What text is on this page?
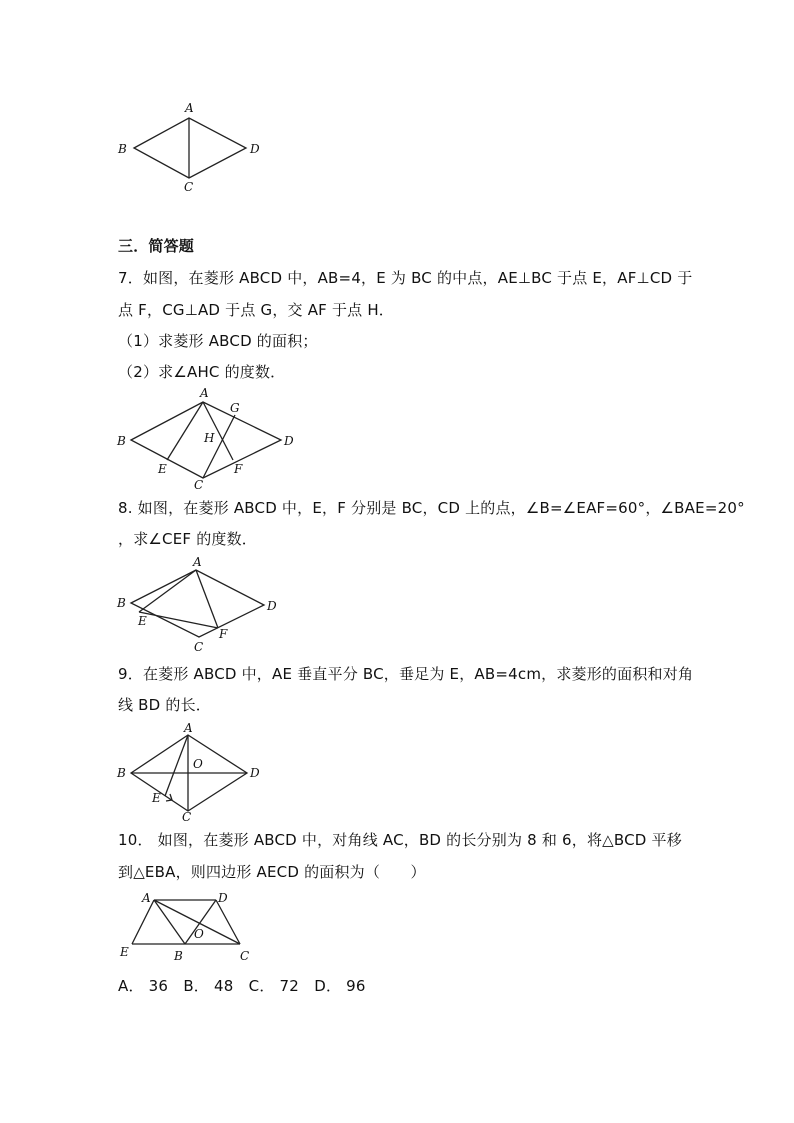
A
B
C
D
三．简答题
7．如图，在菱形 ABCD 中，AB=4，E 为 BC 的中点，AE⊥BC 于点 E，AF⊥CD 于
点 F，CG⊥AD 于点 G，交 AF 于点 H．
（1）求菱形 ABCD 的面积；
（2）求∠AHC 的度数．
A
G
H
B	D
E	F
C
8. 如图，在菱形 ABCD 中，E，F 分别是 BC，CD 上的点，∠B=∠EAF=60°，∠BAE=20°
，求∠CEF 的度数．
A
B	D
E
F
C
9．在菱形 ABCD 中，AE 垂直平分 BC，垂足为 E，AB=4cm，求菱形的面积和对角
线 BD 的长．
A
O
B	D
E
C
10． 如图，在菱形 ABCD 中，对角线 AC，BD 的长分别为 8 和 6，将△BCD 平移
到△EBA，则四边形 AECD 的面积为（　　）
A	D
O
E	B	C
A． 36　B． 48　C． 72　D． 96
